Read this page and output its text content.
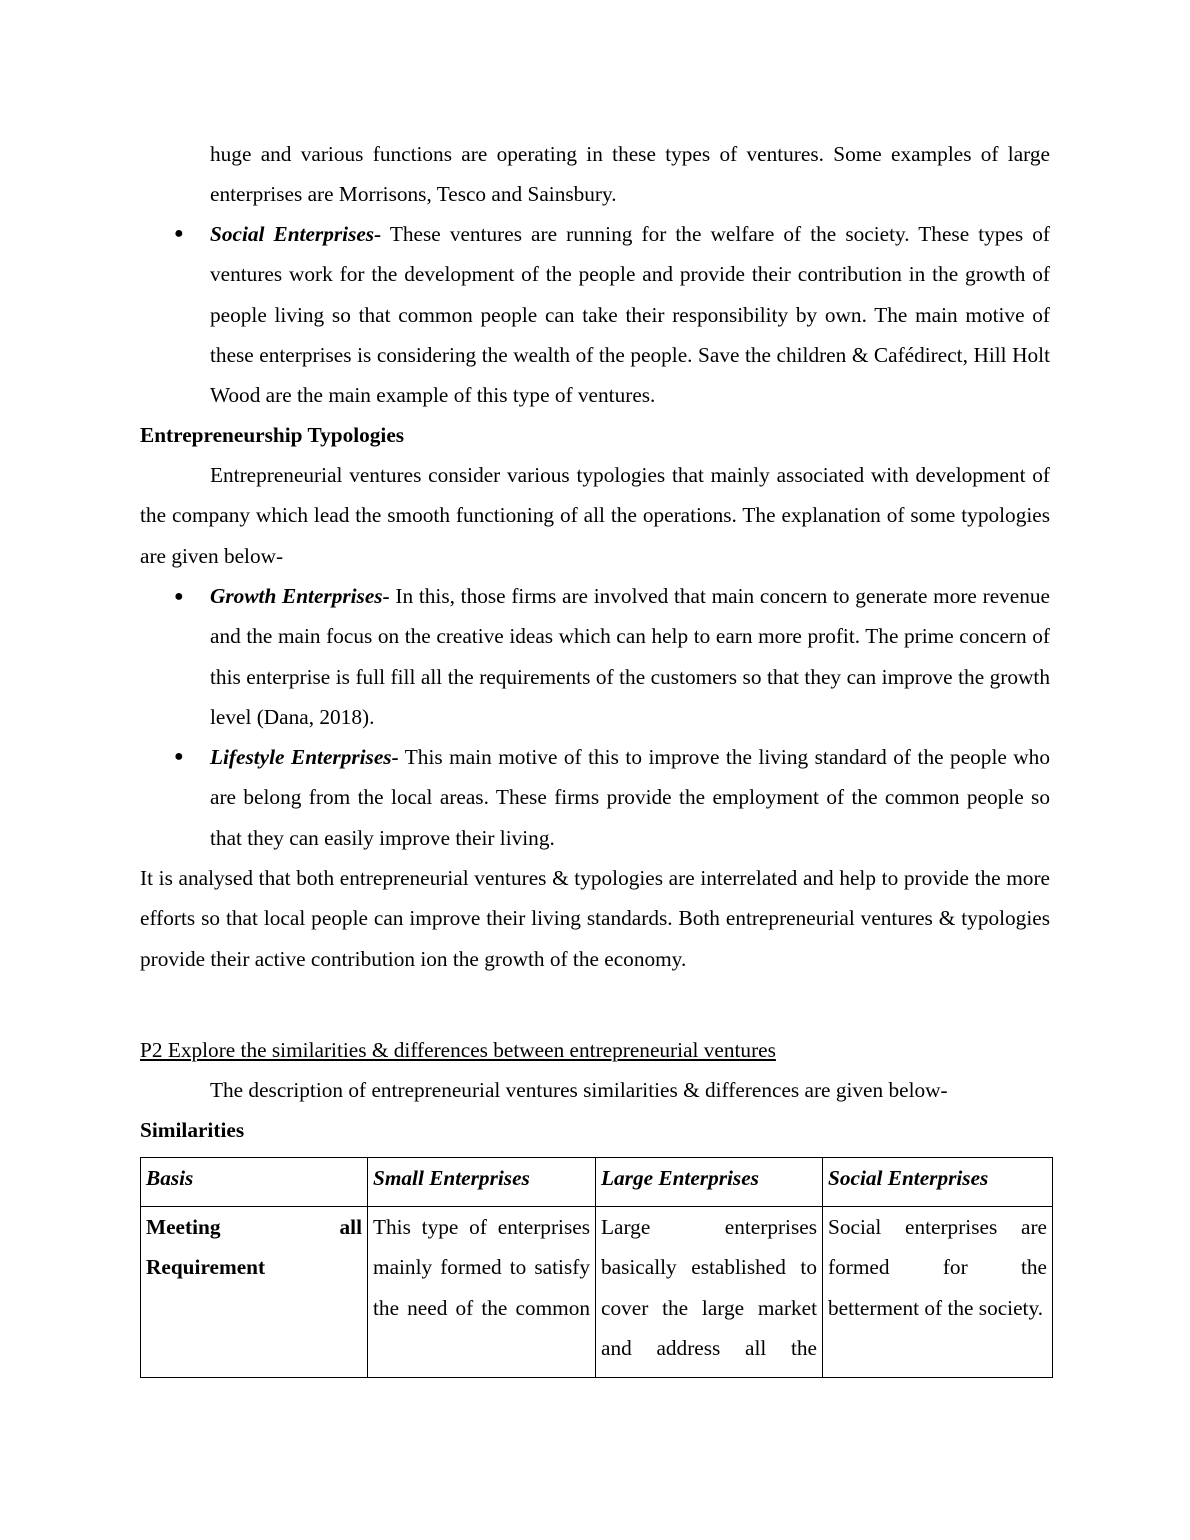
huge and various functions are operating in these types of ventures. Some examples of large enterprises are Morrisons, Tesco and Sainsbury.

● Social Enterprises- These ventures are running for the welfare of the society. These types of ventures work for the development of the people and provide their contribution in the growth of people living so that common people can take their responsibility by own. The main motive of these enterprises is considering the wealth of the people. Save the children & Cafédirect, Hill Holt Wood are the main example of this type of ventures.

Entrepreneurship Typologies

Entrepreneurial ventures consider various typologies that mainly associated with development of the company which lead the smooth functioning of all the operations. The explanation of some typologies are given below-

● Growth Enterprises- In this, those firms are involved that main concern to generate more revenue and the main focus on the creative ideas which can help to earn more profit. The prime concern of this enterprise is full fill all the requirements of the customers so that they can improve the growth level (Dana, 2018).

● Lifestyle Enterprises- This main motive of this to improve the living standard of the people who are belong from the local areas. These firms provide the employment of the common people so that they can easily improve their living.

It is analysed that both entrepreneurial ventures & typologies are interrelated and help to provide the more efforts so that local people can improve their living standards. Both entrepreneurial ventures & typologies provide their active contribution ion the growth of the economy.

P2 Explore the similarities & differences between entrepreneurial ventures

The description of entrepreneurial ventures similarities & differences are given below-

Similarities

Basis	Small Enterprises	Large Enterprises	Social Enterprises

Meeting all
Requirement	This type of enterprises mainly formed to satisfy the need of the common	Large enterprises basically established to cover the large market and address all the	Social enterprises are formed for the betterment of the society.
